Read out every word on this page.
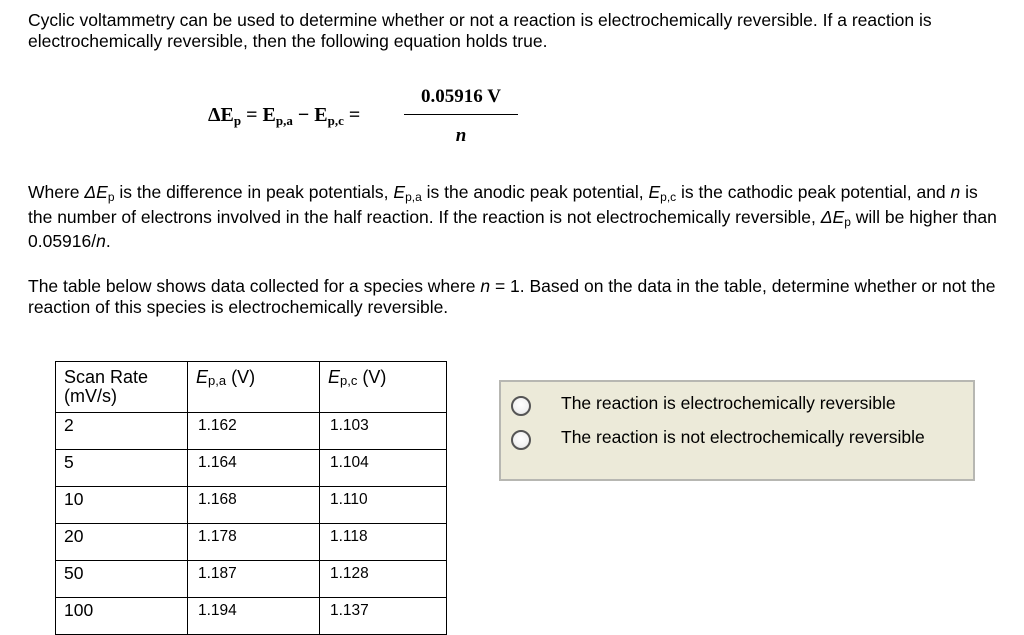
Cyclic voltammetry can be used to determine whether or not a reaction is electrochemically reversible. If a reaction is electrochemically reversible, then the following equation holds true.

$\Delta E_p = E_{p,a} - E_{p,c}$ =
0.05916 V
n

Where $\Delta E_p$ is the difference in peak potentials, $E_{p,a}$ is the anodic peak potential, $E_{p,c}$ is the cathodic peak potential, and n is the number of electrons involved in the half reaction. If the reaction is not electrochemically reversible, $\Delta E_p$ will be higher than 0.05916/n.

The table below shows data collected for a species where n = 1. Based on the data in the table, determine whether or not the reaction of this species is electrochemically reversible.

Scan Rate (mV/s)	$E_{p,a}$ (V)	$E_{p,c}$ (V)
2	1.162	1.103
5	1.164	1.104
10	1.168	1.110
20	1.178	1.118
50	1.187	1.128
100	1.194	1.137
The reaction is electrochemically reversible
The reaction is not electrochemically reversible
